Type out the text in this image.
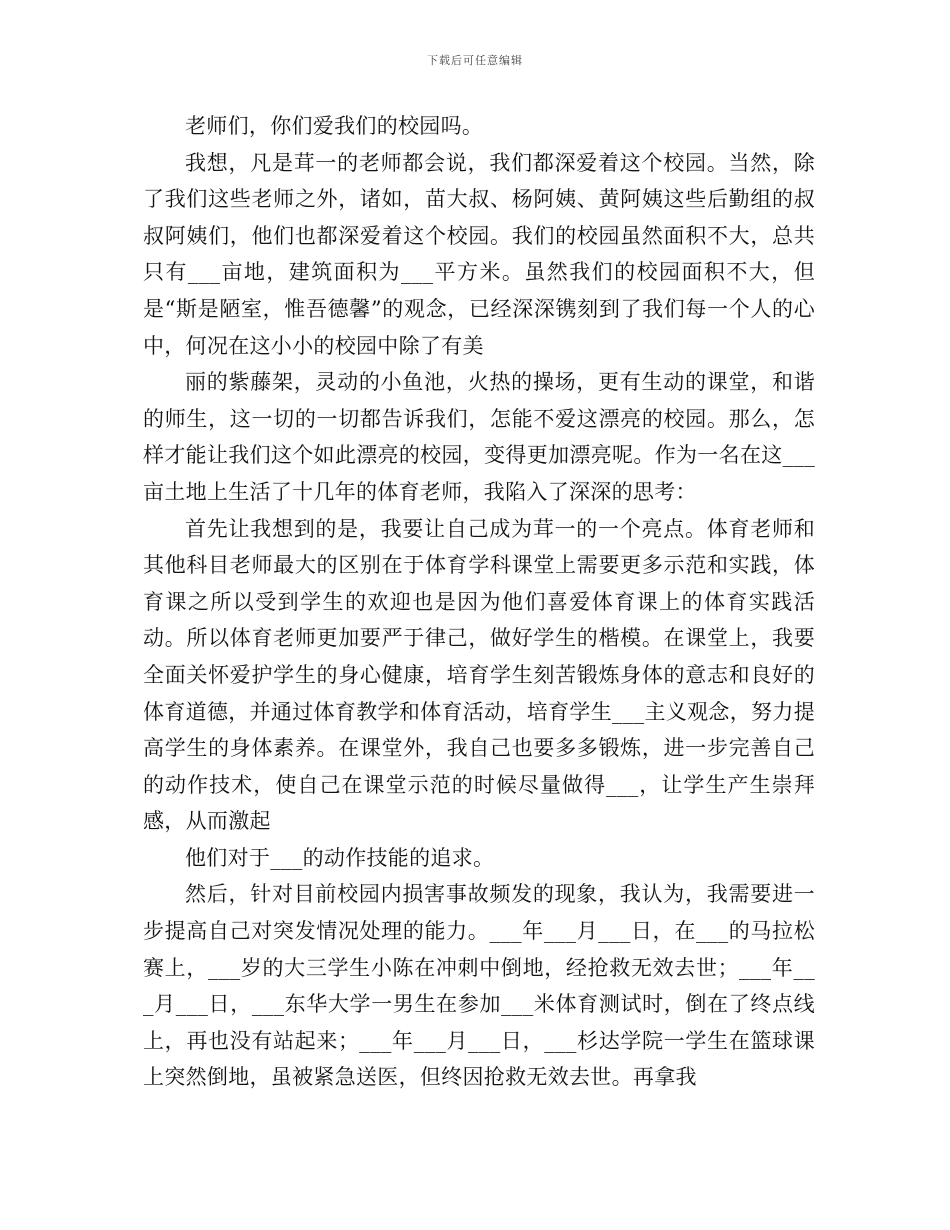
下载后可任意编辑

老师们，你们爱我们的校园吗。

我想，凡是茸一的老师都会说，我们都深爱着这个校园。当然，除了我们这些老师之外，诸如，苗大叔、杨阿姨、黄阿姨这些后勤组的叔叔阿姨们，他们也都深爱着这个校园。我们的校园虽然面积不大，总共只有___亩地，建筑面积为___平方米。虽然我们的校园面积不大，但是“斯是陋室，惟吾德馨”的观念，已经深深镌刻到了我们每一个人的心中，何况在这小小的校园中除了有美

丽的紫藤架，灵动的小鱼池，火热的操场，更有生动的课堂，和谐的师生，这一切的一切都告诉我们，怎能不爱这漂亮的校园。那么，怎样才能让我们这个如此漂亮的校园，变得更加漂亮呢。作为一名在这___亩土地上生活了十几年的体育老师，我陷入了深深的思考：

首先让我想到的是，我要让自己成为茸一的一个亮点。体育老师和其他科目老师最大的区别在于体育学科课堂上需要更多示范和实践，体育课之所以受到学生的欢迎也是因为他们喜爱体育课上的体育实践活动。所以体育老师更加要严于律己，做好学生的楷模。在课堂上，我要全面关怀爱护学生的身心健康，培育学生刻苦锻炼身体的意志和良好的体育道德，并通过体育教学和体育活动，培育学生___主义观念，努力提高学生的身体素养。在课堂外，我自己也要多多锻炼，进一步完善自己的动作技术，使自己在课堂示范的时候尽量做得___，让学生产生崇拜感，从而激起

他们对于___的动作技能的追求。

然后，针对目前校园内损害事故频发的现象，我认为，我需要进一步提高自己对突发情况处理的能力。___年___月___日，在___的马拉松赛上，___岁的大三学生小陈在冲刺中倒地，经抢救无效去世；___年___月___日，___东华大学一男生在参加___米体育测试时，倒在了终点线上，再也没有站起来；___年___月___日，___杉达学院一学生在篮球课上突然倒地，虽被紧急送医，但终因抢救无效去世。再拿我
